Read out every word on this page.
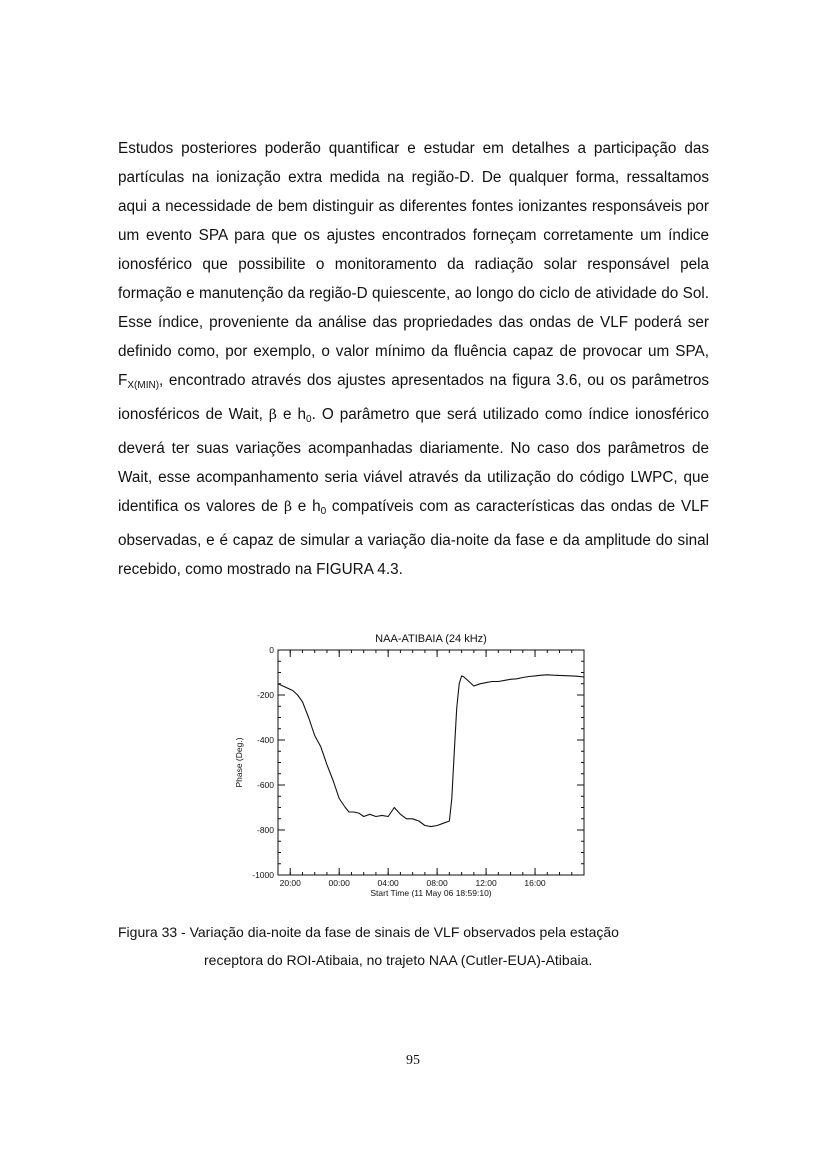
Estudos posteriores poderão quantificar e estudar em detalhes a participação das partículas na ionização extra medida na região-D. De qualquer forma, ressaltamos aqui a necessidade de bem distinguir as diferentes fontes ionizantes responsáveis por um evento SPA para que os ajustes encontrados forneçam corretamente um índice ionosférico que possibilite o monitoramento da radiação solar responsável pela formação e manutenção da região-D quiescente, ao longo do ciclo de atividade do Sol. Esse índice, proveniente da análise das propriedades das ondas de VLF poderá ser definido como, por exemplo, o valor mínimo da fluência capaz de provocar um SPA, $F_{X(MIN)}$, encontrado através dos ajustes apresentados na figura 3.6, ou os parâmetros ionosféricos de Wait, β e $h_0$. O parâmetro que será utilizado como índice ionosférico deverá ter suas variações acompanhadas diariamente. No caso dos parâmetros de Wait, esse acompanhamento seria viável através da utilização do código LWPC, que identifica os valores de β e $h_0$ compatíveis com as características das ondas de VLF observadas, e é capaz de simular a variação dia-noite da fase e da amplitude do sinal recebido, como mostrado na FIGURA 4.3.

NAA-ATIBAIA (24 kHz)
0
-200
-400
-600
-800
-1000
20:00	00:00	04:00	08:00	12:00	16:00
Start Time (11 May 06 18:59:10)
Phase (Deg.)
Figura 33 - Variação dia-noite da fase de sinais de VLF observados pela estação
receptora do ROI-Atibaia, no trajeto NAA (Cutler-EUA)-Atibaia.
95
